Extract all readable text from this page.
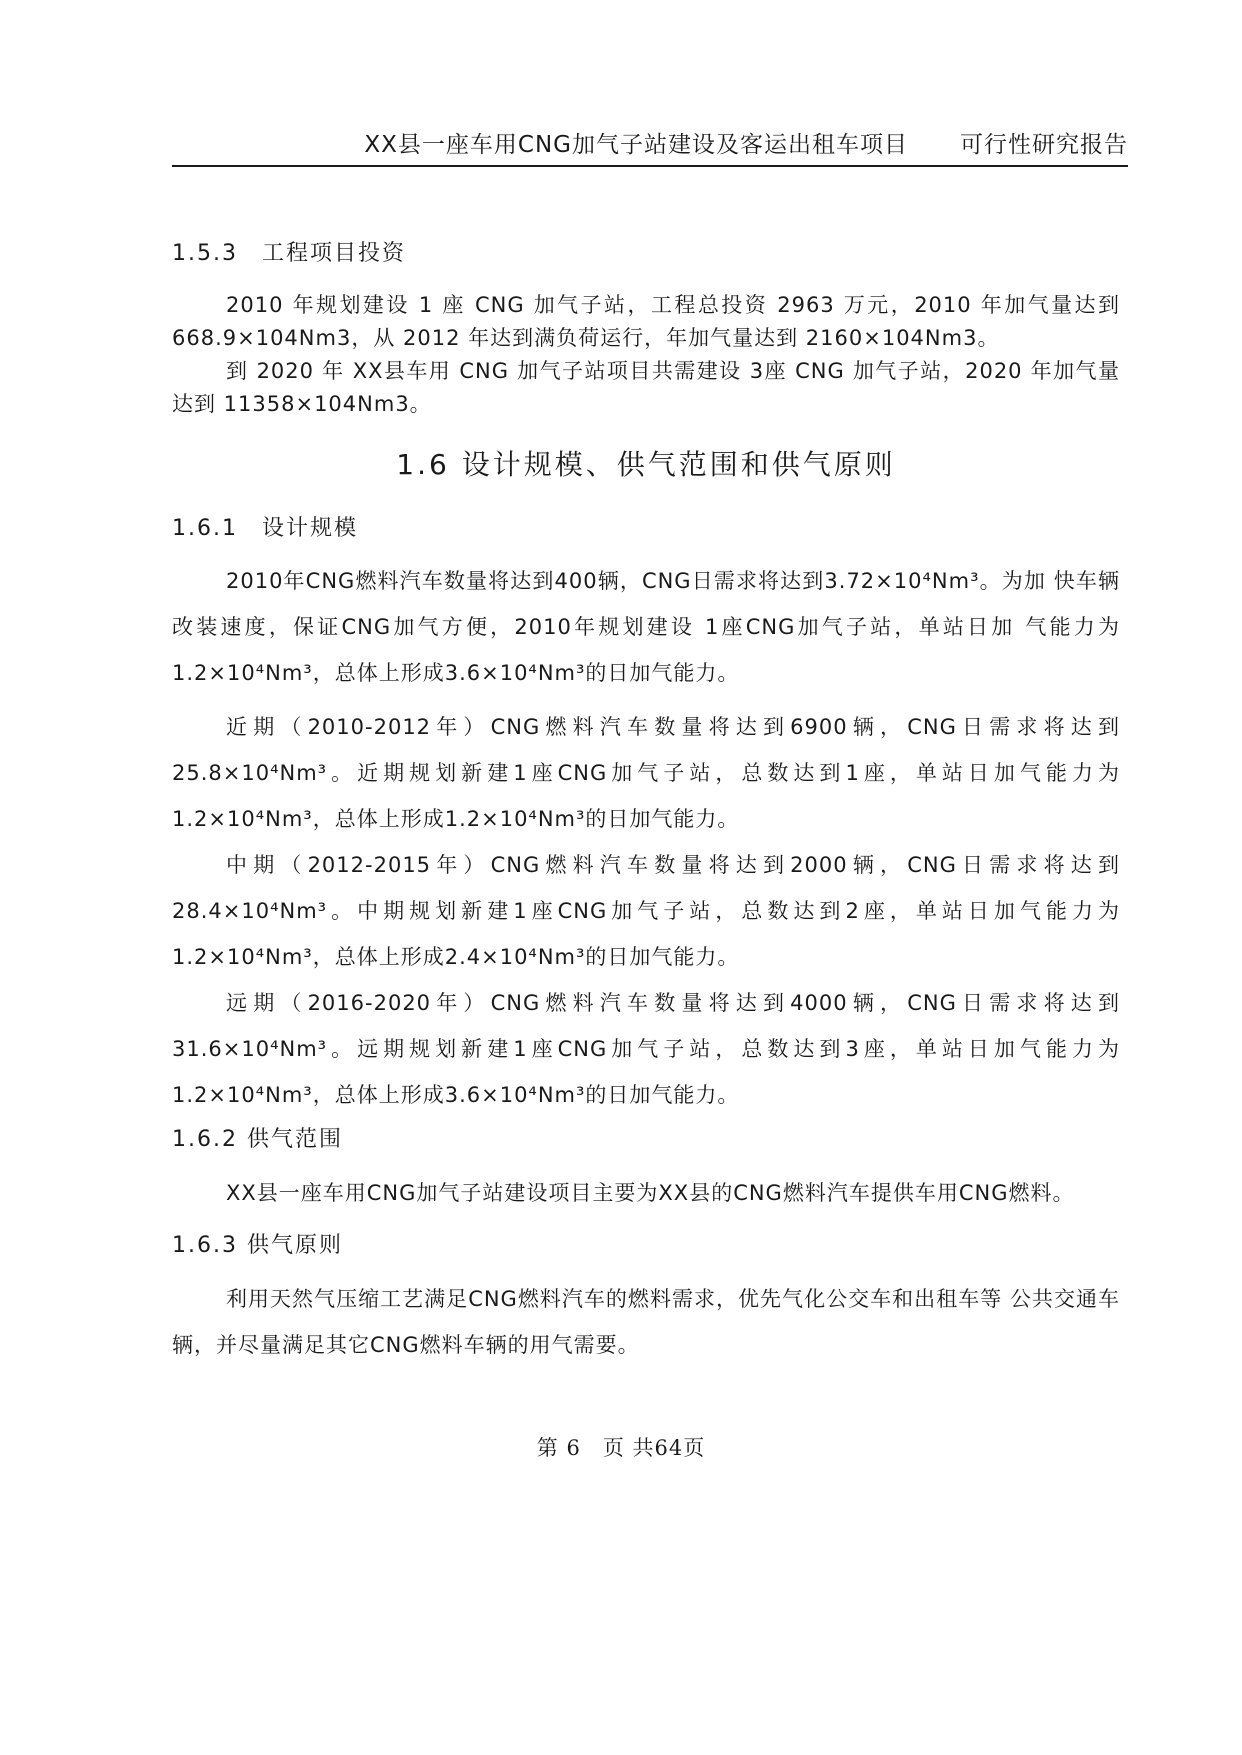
XX县一座车用CNG加气子站建设及客运出租车项目 可行性研究报告
1.5.3　工程项目投资

2010 年规划建设 1 座 CNG 加气子站，工程总投资 2963 万元，2010 年加气量达到668.9×104Nm3，从 2012 年达到满负荷运行，年加气量达到 2160×104Nm3。

到 2020 年 XX县车用 CNG 加气子站项目共需建设 3座 CNG 加气子站，2020 年加气量达到 11358×104Nm3。

1.6 设计规模、供气范围和供气原则
1.6.1　设计规模

2010年CNG燃料汽车数量将达到400辆，CNG日需求将达到3.72×10⁴Nm³。为加 快车辆改装速度，保证CNG加气方便，2010年规划建设 1座CNG加气子站，单站日加 气能力为1.2×10⁴Nm³，总体上形成3.6×10⁴Nm³的日加气能力。

近期（2010-2012年）CNG燃料汽车数量将达到6900辆，CNG日需求将达到25.8×10⁴Nm³。近期规划新建1座CNG加气子站，总数达到1座，单站日加气能力为1.2×10⁴Nm³，总体上形成1.2×10⁴Nm³的日加气能力。

中期（2012-2015年）CNG燃料汽车数量将达到2000辆，CNG日需求将达到28.4×10⁴Nm³。中期规划新建1座CNG加气子站，总数达到2座，单站日加气能力为1.2×10⁴Nm³，总体上形成2.4×10⁴Nm³的日加气能力。

远期（2016-2020年）CNG燃料汽车数量将达到4000辆，CNG日需求将达到31.6×10⁴Nm³。远期规划新建1座CNG加气子站，总数达到3座，单站日加气能力为1.2×10⁴Nm³，总体上形成3.6×10⁴Nm³的日加气能力。

1.6.2 供气范围

XX县一座车用CNG加气子站建设项目主要为XX县的CNG燃料汽车提供车用CNG燃料。

1.6.3 供气原则

利用天然气压缩工艺满足CNG燃料汽车的燃料需求，优先气化公交车和出租车等 公共交通车辆，并尽量满足其它CNG燃料车辆的用气需要。

第 6　页 共64页
